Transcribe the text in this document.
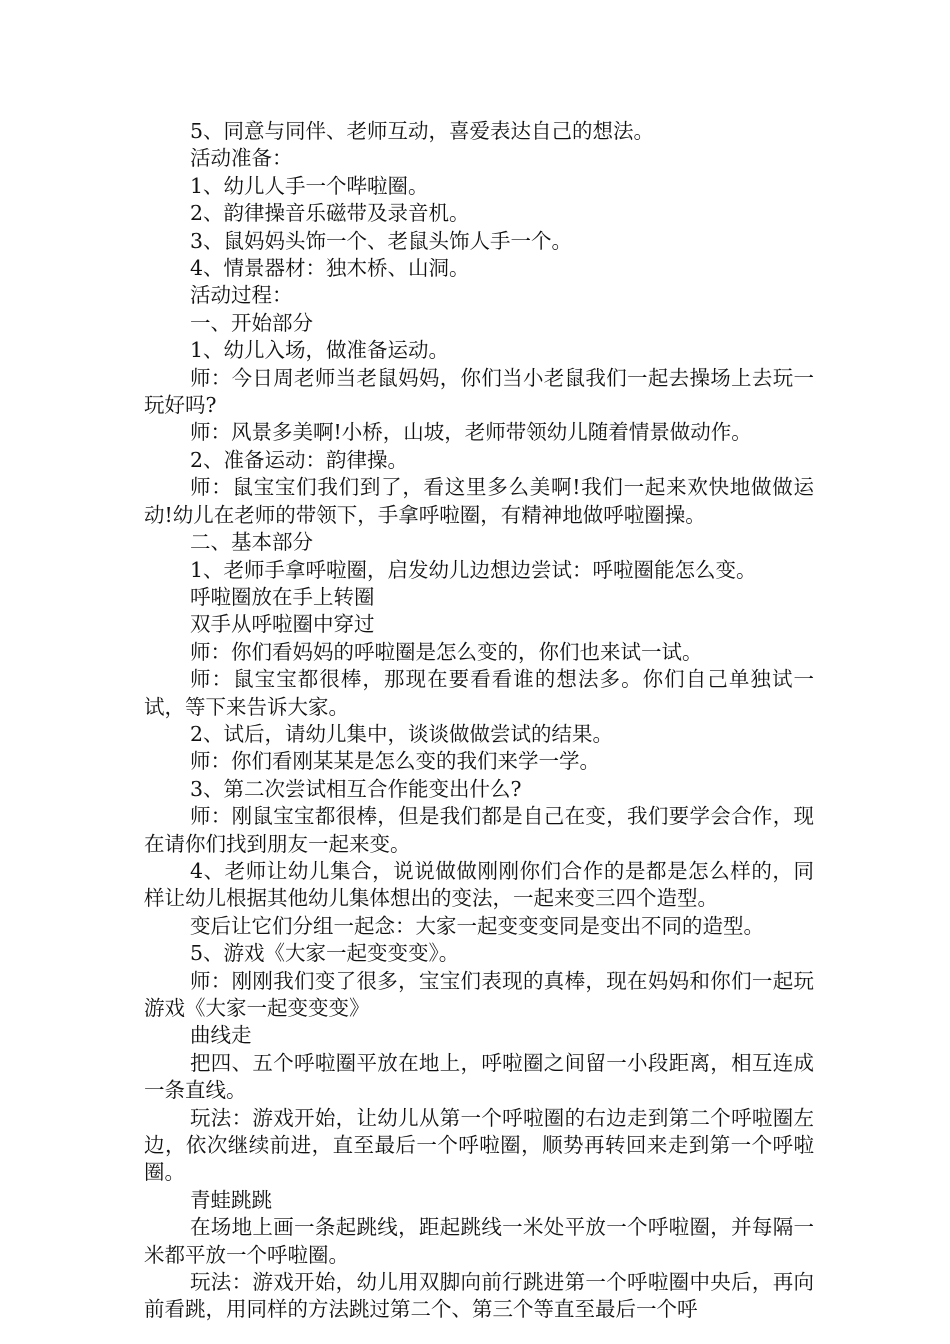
5、同意与同伴、老师互动，喜爱表达自己的想法。

活动准备：

1、幼儿人手一个哔啦圈。

2、韵律操音乐磁带及录音机。

3、鼠妈妈头饰一个、老鼠头饰人手一个。

4、情景器材：独木桥、山洞。

活动过程：

一、开始部分

1、幼儿入场，做准备运动。

师：今日周老师当老鼠妈妈，你们当小老鼠我们一起去操场上去玩一玩好吗?

师：风景多美啊!小桥，山坡，老师带领幼儿随着情景做动作。

2、准备运动：韵律操。

师：鼠宝宝们我们到了，看这里多么美啊!我们一起来欢快地做做运动!幼儿在老师的带领下，手拿呼啦圈，有精神地做呼啦圈操。

二、基本部分

1、老师手拿呼啦圈，启发幼儿边想边尝试：呼啦圈能怎么变。

呼啦圈放在手上转圈

双手从呼啦圈中穿过

师：你们看妈妈的呼啦圈是怎么变的，你们也来试一试。

师：鼠宝宝都很棒，那现在要看看谁的想法多。你们自己单独试一试，等下来告诉大家。

2、试后，请幼儿集中，谈谈做做尝试的结果。

师：你们看刚某某是怎么变的我们来学一学。

3、第二次尝试相互合作能变出什么?

师：刚鼠宝宝都很棒，但是我们都是自己在变，我们要学会合作，现在请你们找到朋友一起来变。

4、老师让幼儿集合，说说做做刚刚你们合作的是都是怎么样的，同样让幼儿根据其他幼儿集体想出的变法，一起来变三四个造型。

变后让它们分组一起念：大家一起变变变同是变出不同的造型。

5、游戏《大家一起变变变》。

师：刚刚我们变了很多，宝宝们表现的真棒，现在妈妈和你们一起玩游戏《大家一起变变变》

曲线走

把四、五个呼啦圈平放在地上，呼啦圈之间留一小段距离，相互连成一条直线。

玩法：游戏开始，让幼儿从第一个呼啦圈的右边走到第二个呼啦圈左边，依次继续前进，直至最后一个呼啦圈，顺势再转回来走到第一个呼啦圈。

青蛙跳跳

在场地上画一条起跳线，距起跳线一米处平放一个呼啦圈，并每隔一米都平放一个呼啦圈。

玩法：游戏开始，幼儿用双脚向前行跳进第一个呼啦圈中央后，再向前看跳，用同样的方法跳过第二个、第三个等直至最后一个呼
